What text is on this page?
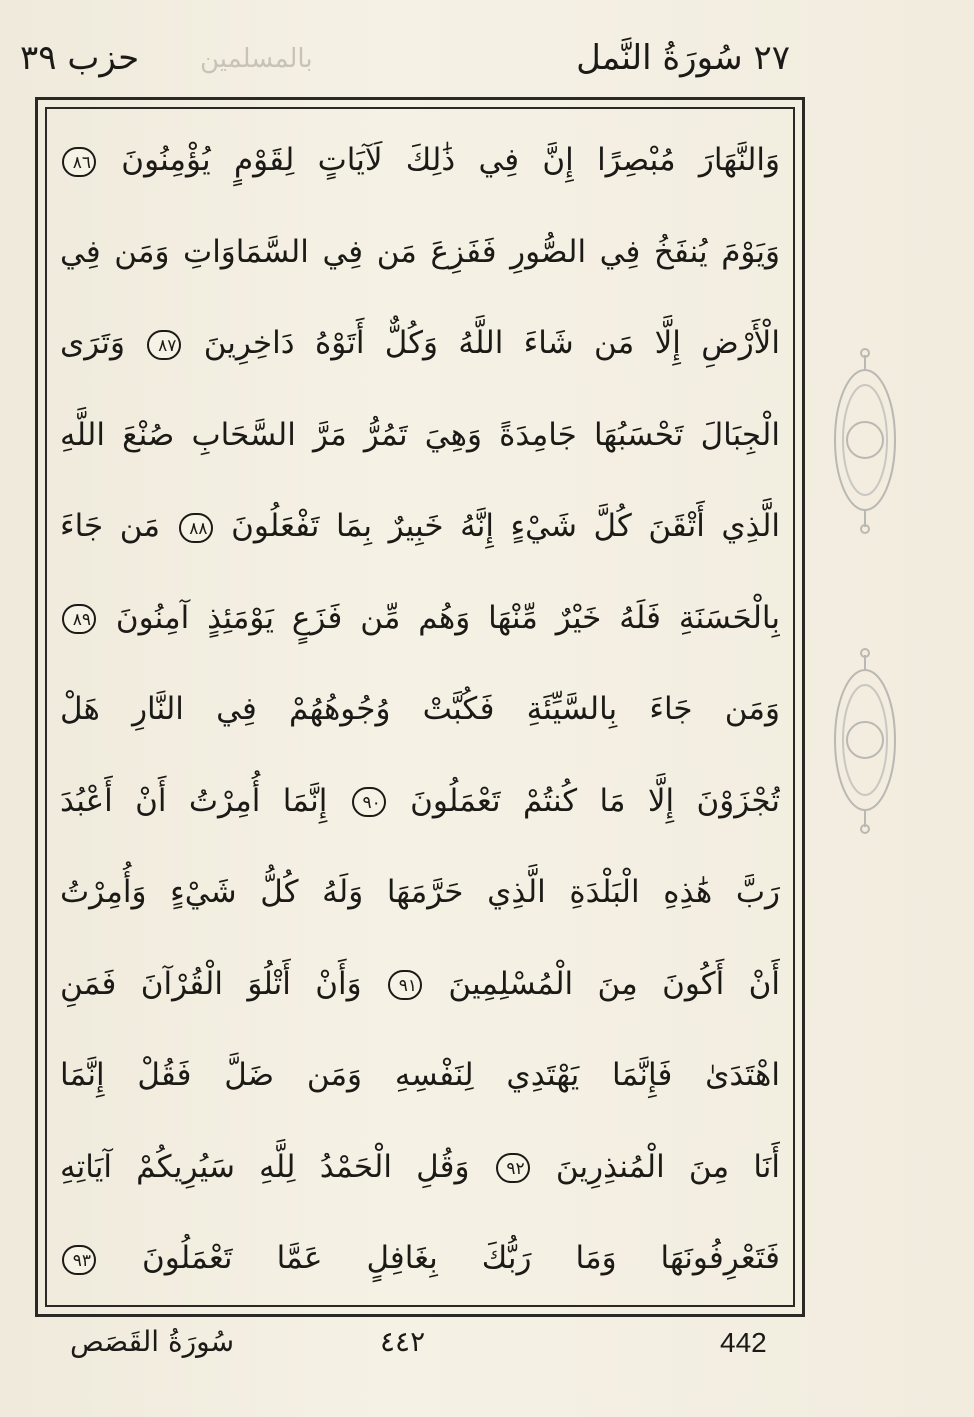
٢٧ سُورَةُ النَّمل
بالمسلمين
حزب ٣٩
وَالنَّهَارَ مُبْصِرًا إِنَّ فِي ذَٰلِكَ لَآيَاتٍ لِقَوْمٍ يُؤْمِنُونَ ٨٦
وَيَوْمَ يُنفَخُ فِي الصُّورِ فَفَزِعَ مَن فِي السَّمَاوَاتِ وَمَن فِي
الْأَرْضِ إِلَّا مَن شَاءَ اللَّهُ وَكُلٌّ أَتَوْهُ دَاخِرِينَ ٨٧ وَتَرَى
الْجِبَالَ تَحْسَبُهَا جَامِدَةً وَهِيَ تَمُرُّ مَرَّ السَّحَابِ صُنْعَ اللَّهِ
الَّذِي أَتْقَنَ كُلَّ شَيْءٍ إِنَّهُ خَبِيرٌ بِمَا تَفْعَلُونَ ٨٨ مَن جَاءَ
بِالْحَسَنَةِ فَلَهُ خَيْرٌ مِّنْهَا وَهُم مِّن فَزَعٍ يَوْمَئِذٍ آمِنُونَ ٨٩
وَمَن جَاءَ بِالسَّيِّئَةِ فَكُبَّتْ وُجُوهُهُمْ فِي النَّارِ هَلْ
تُجْزَوْنَ إِلَّا مَا كُنتُمْ تَعْمَلُونَ ٩٠ إِنَّمَا أُمِرْتُ أَنْ أَعْبُدَ
رَبَّ هَٰذِهِ الْبَلْدَةِ الَّذِي حَرَّمَهَا وَلَهُ كُلُّ شَيْءٍ وَأُمِرْتُ
أَنْ أَكُونَ مِنَ الْمُسْلِمِينَ ٩١ وَأَنْ أَتْلُوَ الْقُرْآنَ فَمَنِ
اهْتَدَىٰ فَإِنَّمَا يَهْتَدِي لِنَفْسِهِ وَمَن ضَلَّ فَقُلْ إِنَّمَا
أَنَا مِنَ الْمُنذِرِينَ ٩٢ وَقُلِ الْحَمْدُ لِلَّهِ سَيُرِيكُمْ آيَاتِهِ
فَتَعْرِفُونَهَا وَمَا رَبُّكَ بِغَافِلٍ عَمَّا تَعْمَلُونَ ٩٣
سُورَةُ القَصَص	٤٤٢	442
